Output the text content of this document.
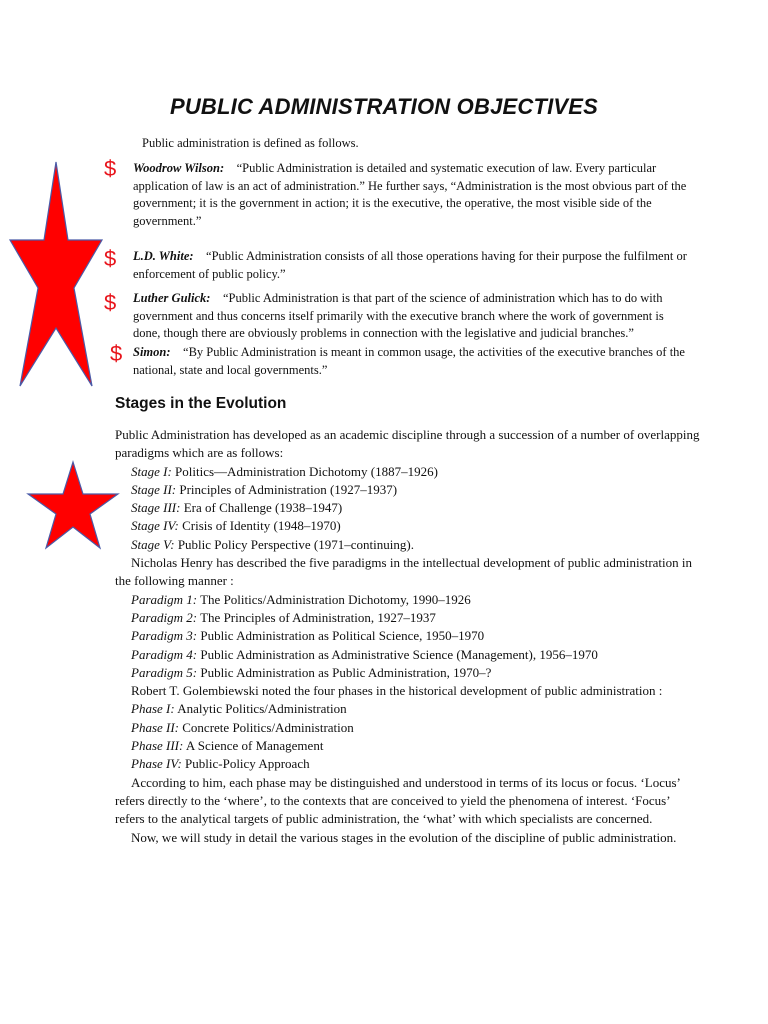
PUBLIC ADMINISTRATION OBJECTIVES
Public administration is defined as follows.
$ Woodrow Wilson: “Public Administration is detailed and systematic execution of law. Every particular application of law is an act of administration.” He further says, “Administration is the most obvious part of the government; it is the government in action; it is the executive, the operative, the most visible side of the government.”
$ L.D. White: “Public Administration consists of all those operations having for their purpose the fulfilment or enforcement of public policy.”
$ Luther Gulick: “Public Administration is that part of the science of administration which has to do with government and thus concerns itself primarily with the executive branch where the work of government is done, though there are obviously problems in connection with the legislative and judicial branches.”
$ Simon: “By Public Administration is meant in common usage, the activities of the executive branches of the national, state and local governments.”
Stages in the Evolution
Public Administration has developed as an academic discipline through a succession of a number of overlapping paradigms which are as follows:
Stage I: Politics—Administration Dichotomy (1887–1926)
Stage II: Principles of Administration (1927–1937)
Stage III: Era of Challenge (1938–1947)
Stage IV: Crisis of Identity (1948–1970)
Stage V: Public Policy Perspective (1971–continuing).
Nicholas Henry has described the five paradigms in the intellectual development of public administration in the following manner :
Paradigm 1: The Politics/Administration Dichotomy, 1990–1926
Paradigm 2: The Principles of Administration, 1927–1937
Paradigm 3: Public Administration as Political Science, 1950–1970
Paradigm 4: Public Administration as Administrative Science (Management), 1956–1970
Paradigm 5: Public Administration as Public Administration, 1970–?
Robert T. Golembiewski noted the four phases in the historical development of public administration :
Phase I: Analytic Politics/Administration
Phase II: Concrete Politics/Administration
Phase III: A Science of Management
Phase IV: Public-Policy Approach
According to him, each phase may be distinguished and understood in terms of its locus or focus. ‘Locus’ refers directly to the ‘where’, to the contexts that are conceived to yield the phenomena of interest. ‘Focus’ refers to the analytical targets of public administration, the ‘what’ with which specialists are concerned.
Now, we will study in detail the various stages in the evolution of the discipline of public administration.
